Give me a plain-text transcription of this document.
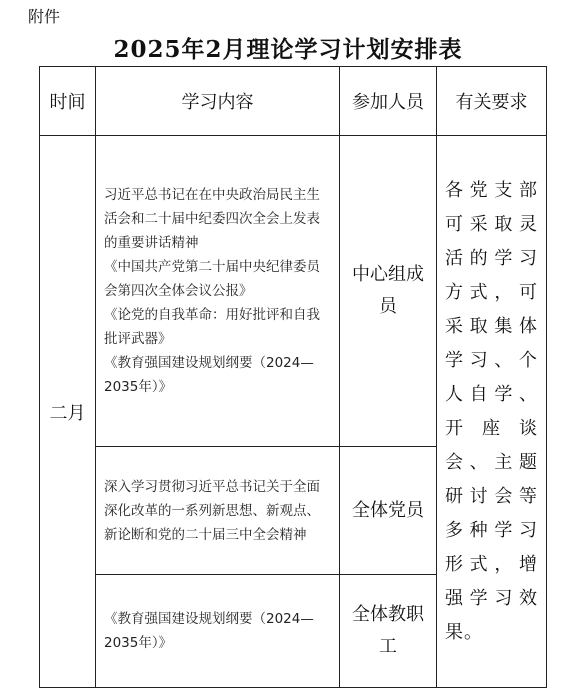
附件
2025年2月理论学习计划安排表
时间	学习内容	参加人员	有关要求
二月	习近平总书记在在中央政治局民主生活会和二十届中纪委四次全会上发表的重要讲话精神

《中国共产党第二十届中央纪律委员会第四次全体会议公报》

《论党的自我革命：用好批评和自我批评武器》

《教育强国建设规划纲要（2024—2035年）》	中心组成员	各党支部可采取灵活的学习方式，可采取集体学习、个人自学、开座谈会、主题研讨会等多种学习形式，增强学习效果。

	深入学习贯彻习近平总书记关于全面深化改革的一系列新思想、新观点、新论断和党的二十届三中全会精神	全体党员	

	《教育强国建设规划纲要（2024—2035年）》	全体教职工	
